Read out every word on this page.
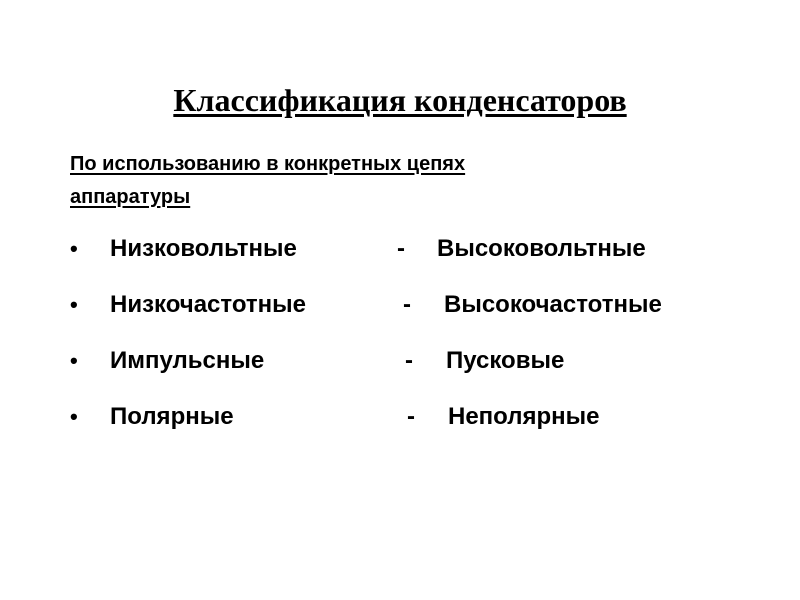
Классификация конденсаторов
По использованию в конкретных цепях
аппаратуры
• Низковольтные	- Высоковольтные
• Низкочастотные	- Высокочастотные
• Импульсные	- Пусковые
• Полярные	- Неполярные
